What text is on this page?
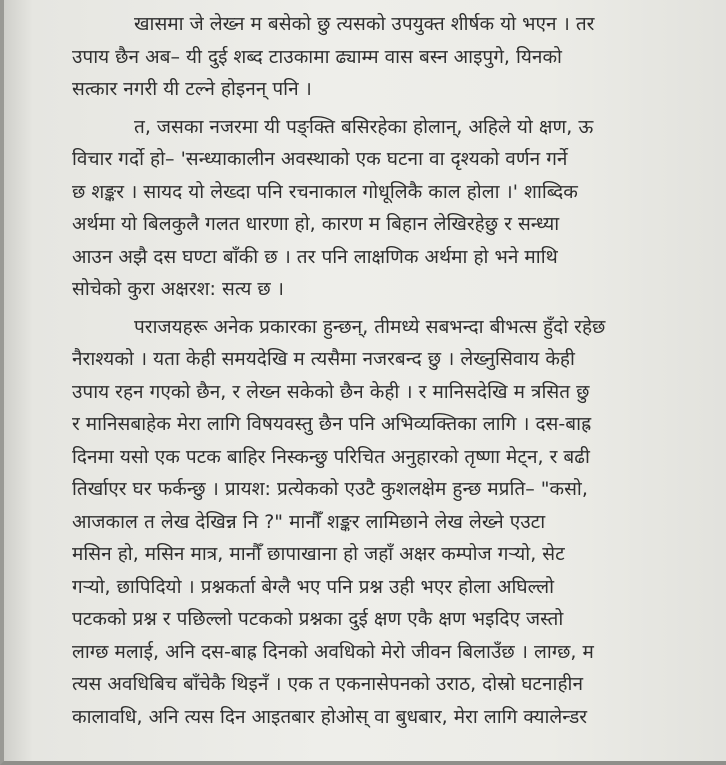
खासमा जे लेख्न म बसेको छु त्यसको उपयुक्त शीर्षक यो भएन । तर
उपाय छैन अब– यी दुई शब्द टाउकामा ढ्याम्म वास बस्न आइपुगे, यिनको
सत्कार नगरी यी टल्ने होइनन् पनि ।
त, जसका नजरमा यी पङ्क्ति बसिरहेका होलान्, अहिले यो क्षण, ऊ
विचार गर्दो हो– 'सन्ध्याकालीन अवस्थाको एक घटना वा दृश्यको वर्णन गर्ने
छ शङ्कर । सायद यो लेख्दा पनि रचनाकाल गोधूलिकै काल होला ।' शाब्दिक
अर्थमा यो बिलकुलै गलत धारणा हो, कारण म बिहान लेखिरहेछु र सन्ध्या
आउन अझै दस घण्टा बाँकी छ । तर पनि लाक्षणिक अर्थमा हो भने माथि
सोचेको कुरा अक्षरश: सत्य छ ।
पराजयहरू अनेक प्रकारका हुन्छन्, तीमध्ये सबभन्दा बीभत्स हुँदो रहेछ
नैराश्यको । यता केही समयदेखि म त्यसैमा नजरबन्द छु । लेख्नुसिवाय केही
उपाय रहन गएको छैन, र लेख्न सकेको छैन केही । र मानिसदेखि म त्रसित छु
र मानिसबाहेक मेरा लागि विषयवस्तु छैन पनि अभिव्यक्तिका लागि । दस-बाह्र
दिनमा यसो एक पटक बाहिर निस्कन्छु परिचित अनुहारको तृष्णा मेट्न, र बढी
तिर्खाएर घर फर्कन्छु । प्रायश: प्रत्येकको एउटै कुशलक्षेम हुन्छ मप्रति– "कसो,
आजकाल त लेख देखिन्न नि ?" मानौँ शङ्कर लामिछाने लेख लेख्ने एउटा
मसिन हो, मसिन मात्र, मानौँ छापाखाना हो जहाँ अक्षर कम्पोज गऱ्यो, सेट
गऱ्यो, छापिदियो । प्रश्नकर्ता बेग्लै भए पनि प्रश्न उही भएर होला अघिल्लो
पटकको प्रश्न र पछिल्लो पटकको प्रश्नका दुई क्षण एकै क्षण भइदिए जस्तो
लाग्छ मलाई, अनि दस-बाह्र दिनको अवधिको मेरो जीवन बिलाउँछ । लाग्छ, म
त्यस अवधिबिच बाँचेकै थिइनँ । एक त एकनासेपनको उराठ, दोस्रो घटनाहीन
कालावधि, अनि त्यस दिन आइतबार होओस् वा बुधबार, मेरा लागि क्यालेन्डर
